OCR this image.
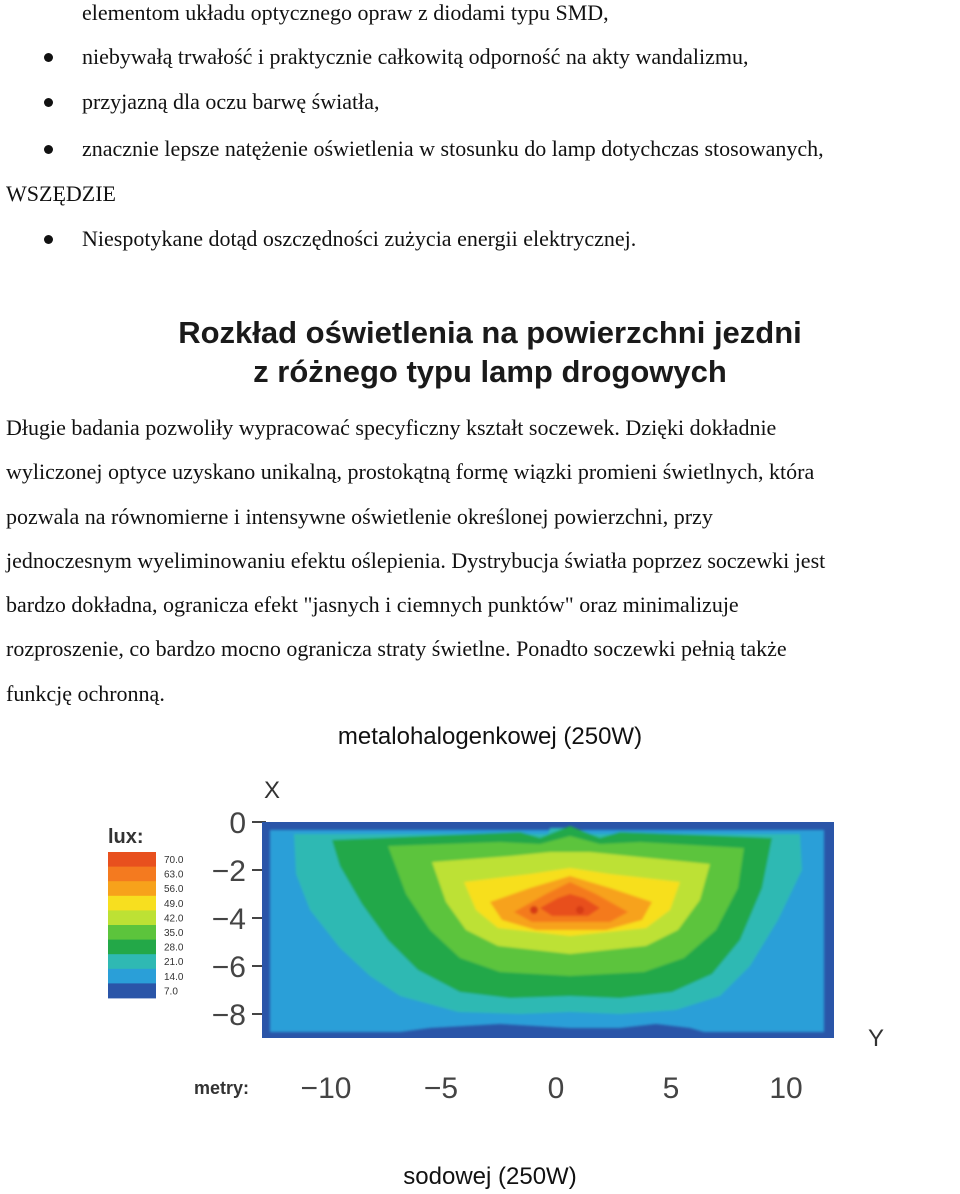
elementom układu optycznego opraw z diodami typu SMD,
niebywałą trwałość i praktycznie całkowitą odporność na akty wandalizmu,
przyjazną dla oczu barwę światła,
znacznie lepsze natężenie oświetlenia w stosunku do lamp dotychczas stosowanych,
WSZĘDZIE
Niespotykane dotąd oszczędności zużycia energii elektrycznej.
Rozkład oświetlenia na powierzchni jezdni
z różnego typu lamp drogowych
Długie badania pozwoliły wypracować specyficzny kształt soczewek. Dzięki dokładnie
wyliczonej optyce uzyskano unikalną, prostokątną formę wiązki promieni świetlnych, która
pozwala na równomierne i intensywne oświetlenie określonej powierzchni, przy
jednoczesnym wyeliminowaniu efektu oślepienia. Dystrybucja światła poprzez soczewki jest
bardzo dokładna, ogranicza efekt "jasnych i ciemnych punktów" oraz minimalizuje
rozproszenie, co bardzo mocno ogranicza straty świetlne. Ponadto soczewki pełnią także
funkcję ochronną.
metalohalogenkowej (250W)
X
Y
lux:
metry:
70.0
63.0
56.0
49.0
42.0
35.0
28.0
21.0
14.0
7.0
0
−2
−4
−6
−8
−10 −5	0	5	10
sodowej (250W)
